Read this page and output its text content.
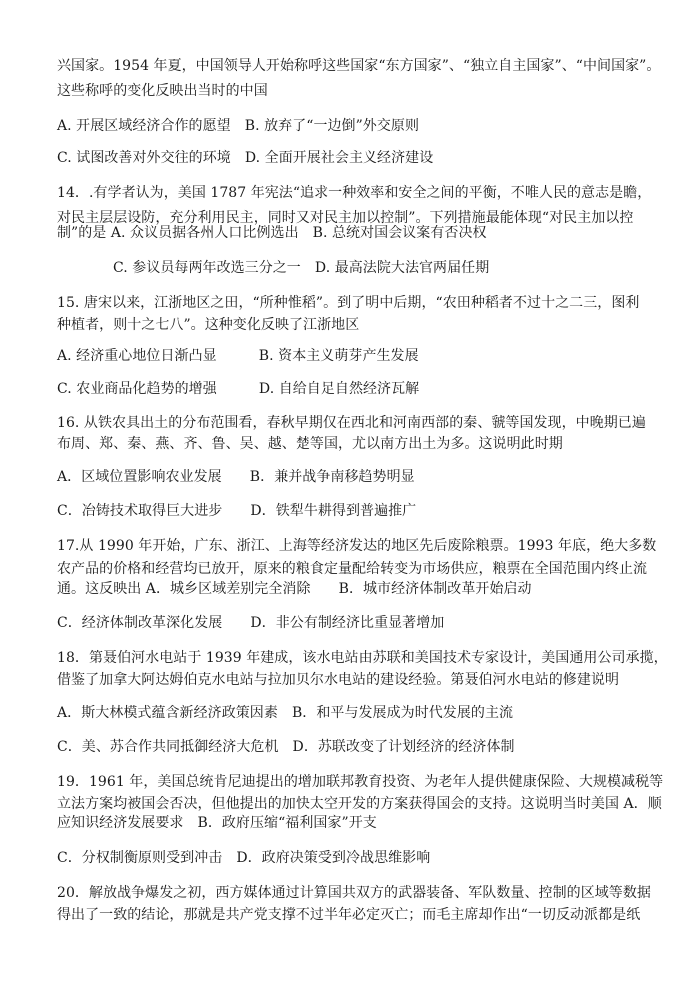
兴国家。1954 年夏，中国领导人开始称呼这些国家“东方国家”、“独立自主国家”、“中间国家”。
这些称呼的变化反映出当时的中国
A. 开展区域经济合作的愿望　B. 放弃了“一边倒”外交原则
C. 试图改善对外交往的环境　D. 全面开展社会主义经济建设
14．.有学者认为，美国 1787 年宪法“追求一种效率和安全之间的平衡，不唯人民的意志是瞻，
对民主层层设防，充分利用民主，同时又对民主加以控制”。下列措施最能体现“对民主加以控
制”的是 A. 众议员据各州人口比例选出　B. 总统对国会议案有否决权
C. 参议员每两年改选三分之一　D. 最高法院大法官两届任期
15. 唐宋以来，江浙地区之田，“所种惟稻”。到了明中后期，“农田种稻者不过十之二三，图利
种植者，则十之七八”。这种变化反映了江浙地区
A. 经济重心地位日渐凸显　　　B. 资本主义萌芽产生发展
C. 农业商品化趋势的增强　　　D. 自给自足自然经济瓦解
16. 从铁农具出土的分布范围看，春秋早期仅在西北和河南西部的秦、虢等国发现，中晚期已遍
布周、郑、秦、燕、齐、鲁、吴、越、楚等国，尤以南方出土为多。这说明此时期
A．区域位置影响农业发展　　B．兼并战争南移趋势明显
C．冶铸技术取得巨大进步　　D．铁犁牛耕得到普遍推广
17.从 1990 年开始，广东、浙江、上海等经济发达的地区先后废除粮票。1993 年底，绝大多数
农产品的价格和经营均已放开，原来的粮食定量配给转变为市场供应，粮票在全国范围内终止流
通。这反映出 A．城乡区域差别完全消除　　B．城市经济体制改革开始启动
C．经济体制改革深化发展　　D．非公有制经济比重显著增加
18．第聂伯河水电站于 1939 年建成，该水电站由苏联和美国技术专家设计，美国通用公司承揽，
借鉴了加拿大阿达姆伯克水电站与拉加贝尔水电站的建设经验。第聂伯河水电站的修建说明
A．斯大林模式蕴含新经济政策因素　B．和平与发展成为时代发展的主流
C．美、苏合作共同抵御经济大危机　D．苏联改变了计划经济的经济体制
19．1961 年，美国总统肯尼迪提出的增加联邦教育投资、为老年人提供健康保险、大规模减税等
立法方案均被国会否决，但他提出的加快太空开发的方案获得国会的支持。这说明当时美国 A．顺
应知识经济发展要求　B．政府压缩“福利国家”开支
C．分权制衡原则受到冲击　D．政府决策受到冷战思维影响
20．解放战争爆发之初，西方媒体通过计算国共双方的武器装备、军队数量、控制的区域等数据
得出了一致的结论，那就是共产党支撑不过半年必定灭亡；而毛主席却作出“一切反动派都是纸
